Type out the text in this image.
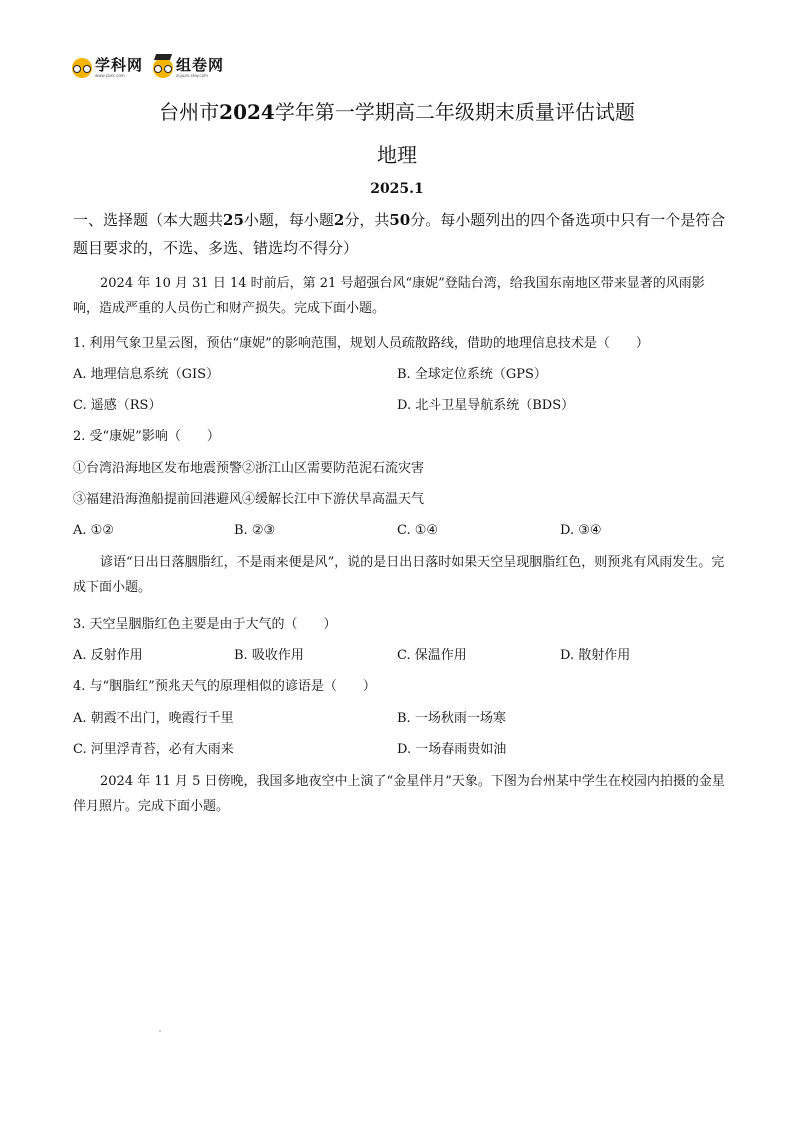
学科网
www.zxxk.com
组卷网
zujuan.xkw.com
台州市2024学年第一学期高二年级期末质量评估试题
地理
2025.1
一、选择题（本大题共25小题，每小题2分，共50分。每小题列出的四个备选项中只有一个是符合题目要求的，不选、多选、错选均不得分）
2024 年 10 月 31 日 14 时前后，第 21 号超强台风“康妮”登陆台湾，给我国东南地区带来显著的风雨影响，造成严重的人员伤亡和财产损失。完成下面小题。
1. 利用气象卫星云图，预估“康妮”的影响范围，规划人员疏散路线，借助的地理信息技术是（　　）
A. 地理信息系统（GIS）	B. 全球定位系统（GPS）
C. 遥感（RS）	D. 北斗卫星导航系统（BDS）
2. 受“康妮”影响（　　）
①台湾沿海地区发布地震预警②浙江山区需要防范泥石流灾害
③福建沿海渔船提前回港避风④缓解长江中下游伏旱高温天气
A. ①②	B. ②③	C. ①④	D. ③④
谚语“日出日落胭脂红，不是雨来便是风”，说的是日出日落时如果天空呈现胭脂红色，则预兆有风雨发生。完成下面小题。
3. 天空呈胭脂红色主要是由于大气的（　　）
A. 反射作用	B. 吸收作用	C. 保温作用	D. 散射作用
4. 与“胭脂红”预兆天气的原理相似的谚语是（　　）
A. 朝霞不出门，晚霞行千里	B. 一场秋雨一场寒
C. 河里浮青苔，必有大雨来	D. 一场春雨贵如油
2024 年 11 月 5 日傍晚，我国多地夜空中上演了“金星伴月”天象。下图为台州某中学生在校园内拍摄的金星伴月照片。完成下面小题。
